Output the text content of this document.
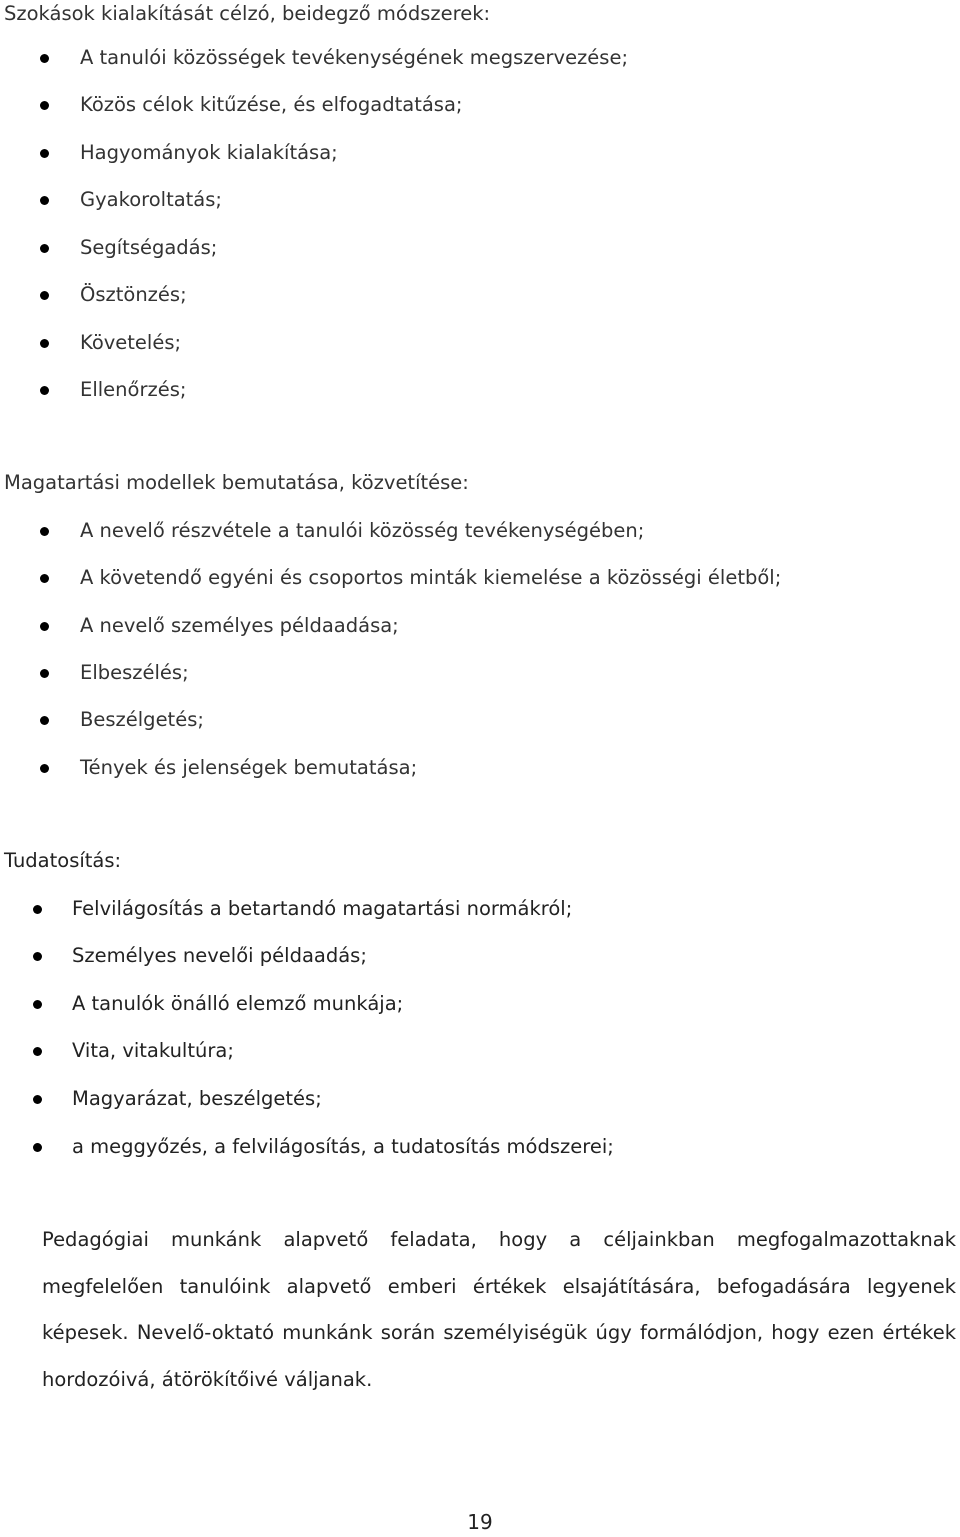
Szokások kialakítását célzó, beidegző módszerek:
A tanulói közösségek tevékenységének megszervezése;
Közös célok kitűzése, és elfogadtatása;
Hagyományok kialakítása;
Gyakoroltatás;
Segítségadás;
Ösztönzés;
Követelés;
Ellenőrzés;
Magatartási modellek bemutatása, közvetítése:
A nevelő részvétele a tanulói közösség tevékenységében;
A követendő egyéni és csoportos minták kiemelése a közösségi életből;
A nevelő személyes példaadása;
Elbeszélés;
Beszélgetés;
Tények és jelenségek bemutatása;
Tudatosítás:
Felvilágosítás a betartandó magatartási normákról;
Személyes nevelői példaadás;
A tanulók önálló elemző munkája;
Vita, vitakultúra;
Magyarázat, beszélgetés;
a meggyőzés, a felvilágosítás, a tudatosítás módszerei;
Pedagógiai munkánk alapvető feladata, hogy a céljainkban megfogalmazottaknak megfelelően tanulóink alapvető emberi értékek elsajátítására, befogadására legyenek képesek. Nevelő-oktató munkánk során személyiségük úgy formálódjon, hogy ezen értékek hordozóivá, átörökítőivé váljanak.
19
